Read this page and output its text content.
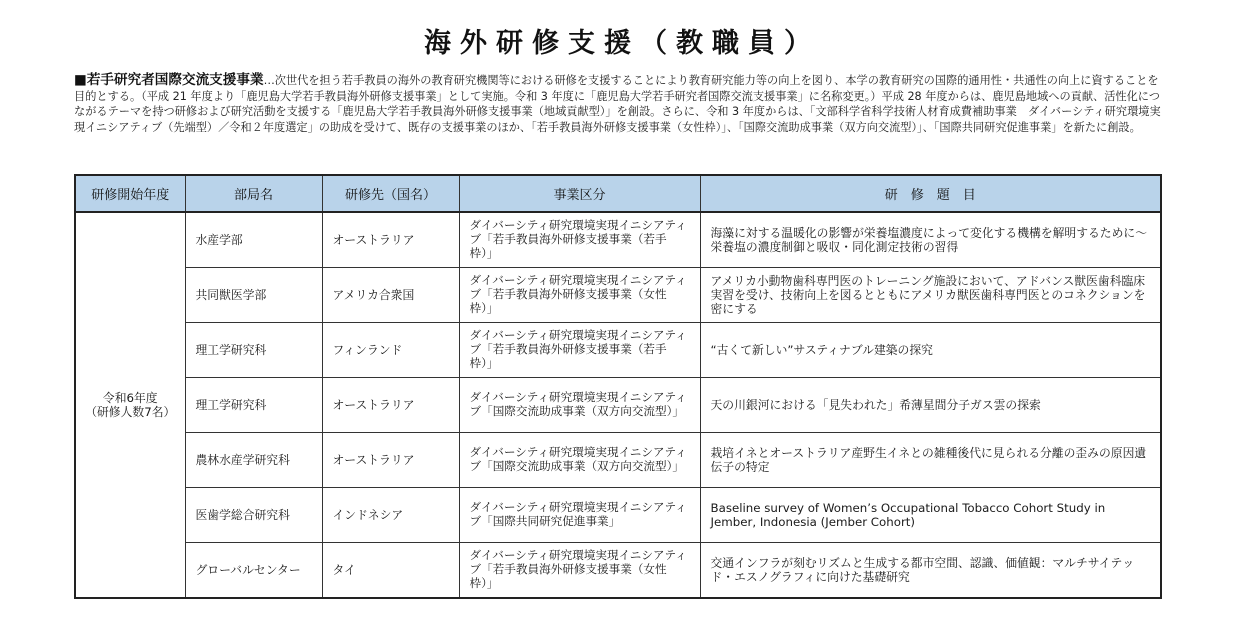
海外研修支援（教職員）
■若手研究者国際交流支援事業…次世代を担う若手教員の海外の教育研究機関等における研修を支援することにより教育研究能力等の向上を図り、本学の教育研究の国際的通用性・共通性の向上に資することを目的とする。（平成 21 年度より「鹿児島大学若手教員海外研修支援事業」として実施。令和 3 年度に「鹿児島大学若手研究者国際交流支援事業」に名称変更。）平成 28 年度からは、鹿児島地域への貢献、活性化につながるテーマを持つ研修および研究活動を支援する「鹿児島大学若手教員海外研修支援事業（地域貢献型）」を創設。さらに、令和 3 年度からは、「文部科学省科学技術人材育成費補助事業　ダイバーシティ研究環境実現イニシアティブ（先端型）／令和２年度選定」の助成を受けて、既存の支援事業のほか、「若手教員海外研修支援事業（女性枠）」、「国際交流助成事業（双方向交流型）」、「国際共同研究促進事業」を新たに創設。
研修開始年度	部局名	研修先（国名）	事業区分	研　修　題　目

令和6年度
（研修人数7名）	水産学部	オーストラリア	ダイバーシティ研究環境実現イニシアティブ「若手教員海外研修支援事業（若手枠）」	海藻に対する温暖化の影響が栄養塩濃度によって変化する機構を解明するために～栄養塩の濃度制御と吸収・同化測定技術の習得
	共同獣医学部	アメリカ合衆国	ダイバーシティ研究環境実現イニシアティブ「若手教員海外研修支援事業（女性枠）」	アメリカ小動物歯科専門医のトレーニング施設において、アドバンス獣医歯科臨床実習を受け、技術向上を図るとともにアメリカ獣医歯科専門医とのコネクションを密にする
	理工学研究科	フィンランド	ダイバーシティ研究環境実現イニシアティブ「若手教員海外研修支援事業（若手枠）」	“古くて新しい”サスティナブル建築の探究
	理工学研究科	オーストラリア	ダイバーシティ研究環境実現イニシアティブ「国際交流助成事業（双方向交流型）」	天の川銀河における「見失われた」希薄星間分子ガス雲の探索
	農林水産学研究科	オーストラリア	ダイバーシティ研究環境実現イニシアティブ「国際交流助成事業（双方向交流型）」	栽培イネとオーストラリア産野生イネとの雑種後代に見られる分離の歪みの原因遺伝子の特定
	医歯学総合研究科	インドネシア	ダイバーシティ研究環境実現イニシアティブ「国際共同研究促進事業」	Baseline survey of Women’s Occupational Tobacco Cohort Study in Jember, Indonesia (Jember Cohort)
	グローバルセンター	タイ	ダイバーシティ研究環境実現イニシアティブ「若手教員海外研修支援事業（女性枠）」	交通インフラが刻むリズムと生成する都市空間、認識、価値観：マルチサイテッド・エスノグラフィに向けた基礎研究
